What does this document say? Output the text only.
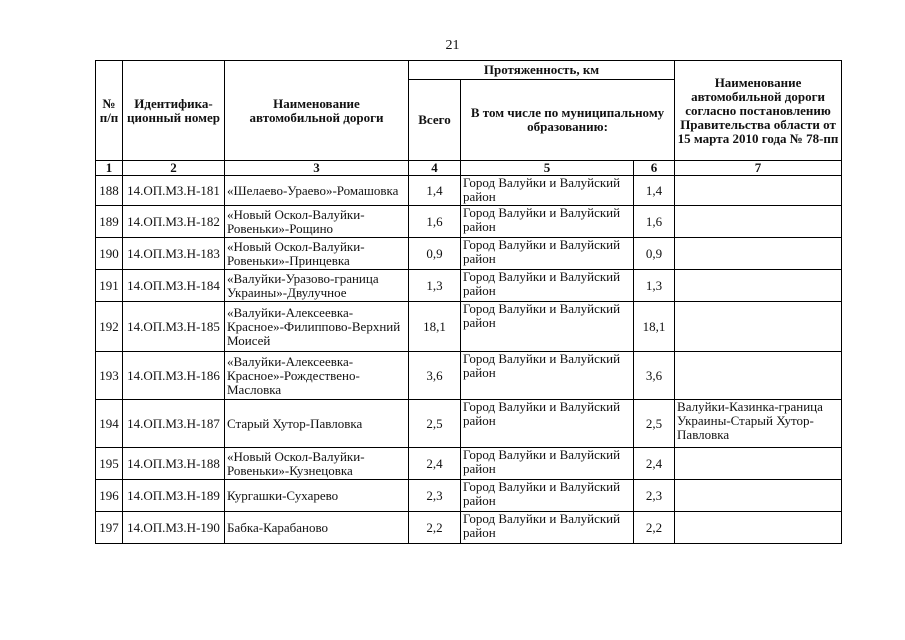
21
№ п/п	Идентифика- ционный номер	Наименование автомобильной дороги	Протяженность, км			Наименование автомобильной дороги согласно постановлению Правительства области от 15 марта 2010 года № 78-пп
			Всего	В том числе по муниципальному образованию:		
1	2	3	4	5	6	7
188	14.ОП.МЗ.Н-181	«Шелаево-Ураево»-Ромашовка	1,4	Город Валуйки и Валуйский район	1,4	
189	14.ОП.МЗ.Н-182	«Новый Оскол-Валуйки-Ровеньки»-Рощино	1,6	Город Валуйки и Валуйский район	1,6	
190	14.ОП.МЗ.Н-183	«Новый Оскол-Валуйки-Ровеньки»-Принцевка	0,9	Город Валуйки и Валуйский район	0,9	
191	14.ОП.МЗ.Н-184	«Валуйки-Уразово-граница Украины»-Двулучное	1,3	Город Валуйки и Валуйский район	1,3	
192	14.ОП.МЗ.Н-185	«Валуйки-Алексеевка-Красное»-Филиппово-Верхний Моисей	18,1	Город Валуйки и Валуйский район	18,1	
193	14.ОП.МЗ.Н-186	«Валуйки-Алексеевка-Красное»-Рождествено-Масловка	3,6	Город Валуйки и Валуйский район	3,6	
194	14.ОП.МЗ.Н-187	Старый Хутор-Павловка	2,5	Город Валуйки и Валуйский район	2,5	Валуйки-Казинка-граница Украины-Старый Хутор-Павловка
195	14.ОП.МЗ.Н-188	«Новый Оскол-Валуйки-Ровеньки»-Кузнецовка	2,4	Город Валуйки и Валуйский район	2,4	
196	14.ОП.МЗ.Н-189	Кургашки-Сухарево	2,3	Город Валуйки и Валуйский район	2,3	
197	14.ОП.МЗ.Н-190	Бабка-Карабаново	2,2	Город Валуйки и Валуйский район	2,2	
